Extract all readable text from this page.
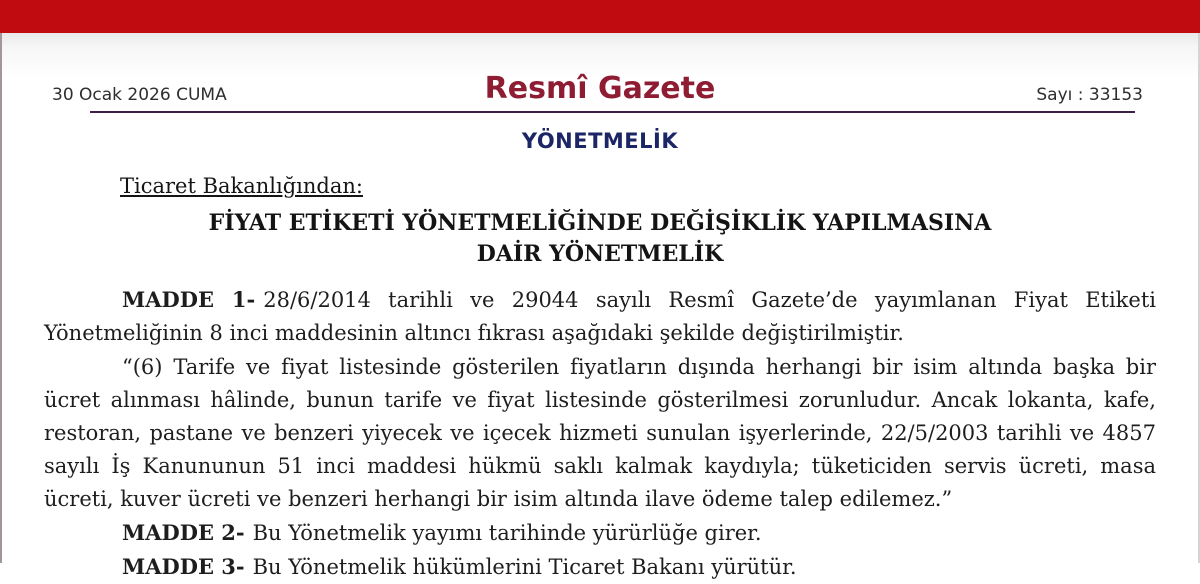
30 Ocak 2026 CUMA	Resmî Gazete	Sayı : 33153
YÖNETMELİK
Ticaret Bakanlığından:
FİYAT ETİKETİ YÖNETMELİĞİNDE DEĞİŞİKLİK YAPILMASINA
DAİR YÖNETMELİK

MADDE 1- 28/6/2014 tarihli ve 29044 sayılı Resmî Gazete’de yayımlanan Fiyat Etiketi Yönetmeliğinin 8 inci maddesinin altıncı fıkrası aşağıdaki şekilde değiştirilmiştir.

“(6) Tarife ve fiyat listesinde gösterilen fiyatların dışında herhangi bir isim altında başka bir ücret alınması hâlinde, bunun tarife ve fiyat listesinde gösterilmesi zorunludur. Ancak lokanta, kafe, restoran, pastane ve benzeri yiyecek ve içecek hizmeti sunulan işyerlerinde, 22/5/2003 tarihli ve 4857 sayılı İş Kanununun 51 inci maddesi hükmü saklı kalmak kaydıyla; tüketiciden servis ücreti, masa ücreti, kuver ücreti ve benzeri herhangi bir isim altında ilave ödeme talep edilemez.”

MADDE 2- Bu Yönetmelik yayımı tarihinde yürürlüğe girer.

MADDE 3- Bu Yönetmelik hükümlerini Ticaret Bakanı yürütür.
